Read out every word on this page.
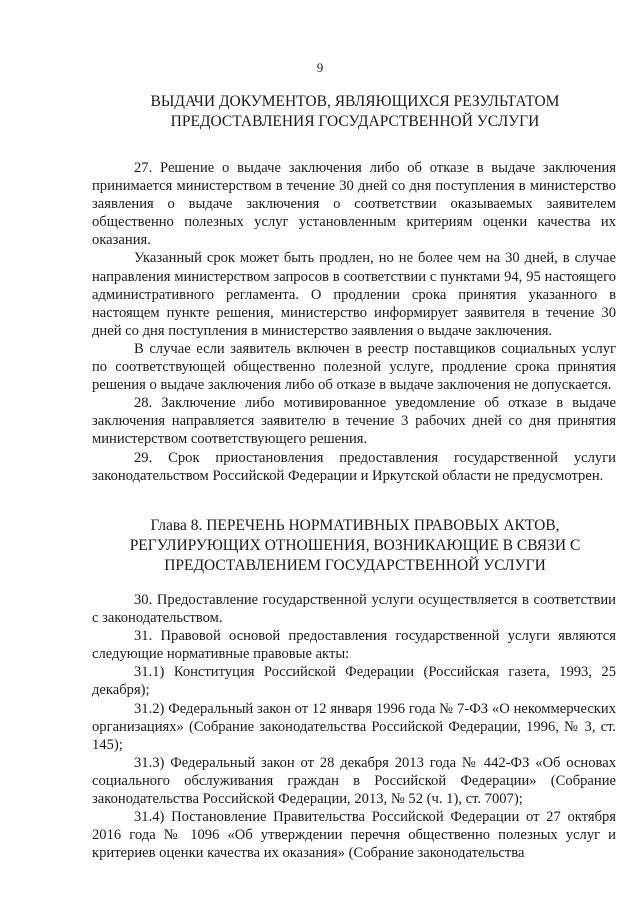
9
ВЫДАЧИ ДОКУМЕНТОВ, ЯВЛЯЮЩИХСЯ РЕЗУЛЬТАТОМ
ПРЕДОСТАВЛЕНИЯ ГОСУДАРСТВЕННОЙ УСЛУГИ

27. Решение о выдаче заключения либо об отказе в выдаче заключения принимается министерством в течение 30 дней со дня поступления в министерство заявления о выдаче заключения о соответствии оказываемых заявителем общественно полезных услуг установленным критериям оценки качества их оказания.

Указанный срок может быть продлен, но не более чем на 30 дней, в случае направления министерством запросов в соответствии с пунктами 94, 95 настоящего административного регламента. О продлении срока принятия указанного в настоящем пункте решения, министерство информирует заявителя в течение 30 дней со дня поступления в министерство заявления о выдаче заключения.

В случае если заявитель включен в реестр поставщиков социальных услуг по соответствующей общественно полезной услуге, продление срока принятия решения о выдаче заключения либо об отказе в выдаче заключения не допускается.

28. Заключение либо мотивированное уведомление об отказе в выдаче заключения направляется заявителю в течение 3 рабочих дней со дня принятия министерством соответствующего решения.

29. Срок приостановления предоставления государственной услуги законодательством Российской Федерации и Иркутской области не предусмотрен.

Глава 8. ПЕРЕЧЕНЬ НОРМАТИВНЫХ ПРАВОВЫХ АКТОВ,
РЕГУЛИРУЮЩИХ ОТНОШЕНИЯ, ВОЗНИКАЮЩИЕ В СВЯЗИ С
ПРЕДОСТАВЛЕНИЕМ ГОСУДАРСТВЕННОЙ УСЛУГИ

30. Предоставление государственной услуги осуществляется в соответствии с законодательством.

31. Правовой основой предоставления государственной услуги являются следующие нормативные правовые акты:

31.1) Конституция Российской Федерации (Российская газета, 1993, 25 декабря);

31.2) Федеральный закон от 12 января 1996 года № 7-ФЗ «О некоммерческих организациях» (Собрание законодательства Российской Федерации, 1996, № 3, ст. 145);

31.3) Федеральный закон от 28 декабря 2013 года № 442-ФЗ «Об основах социального обслуживания граждан в Российской Федерации» (Собрание законодательства Российской Федерации, 2013, № 52 (ч. 1), ст. 7007);

31.4) Постановление Правительства Российской Федерации от 27 октября 2016 года № 1096 «Об утверждении перечня общественно полезных услуг и критериев оценки качества их оказания» (Собрание законодательства
